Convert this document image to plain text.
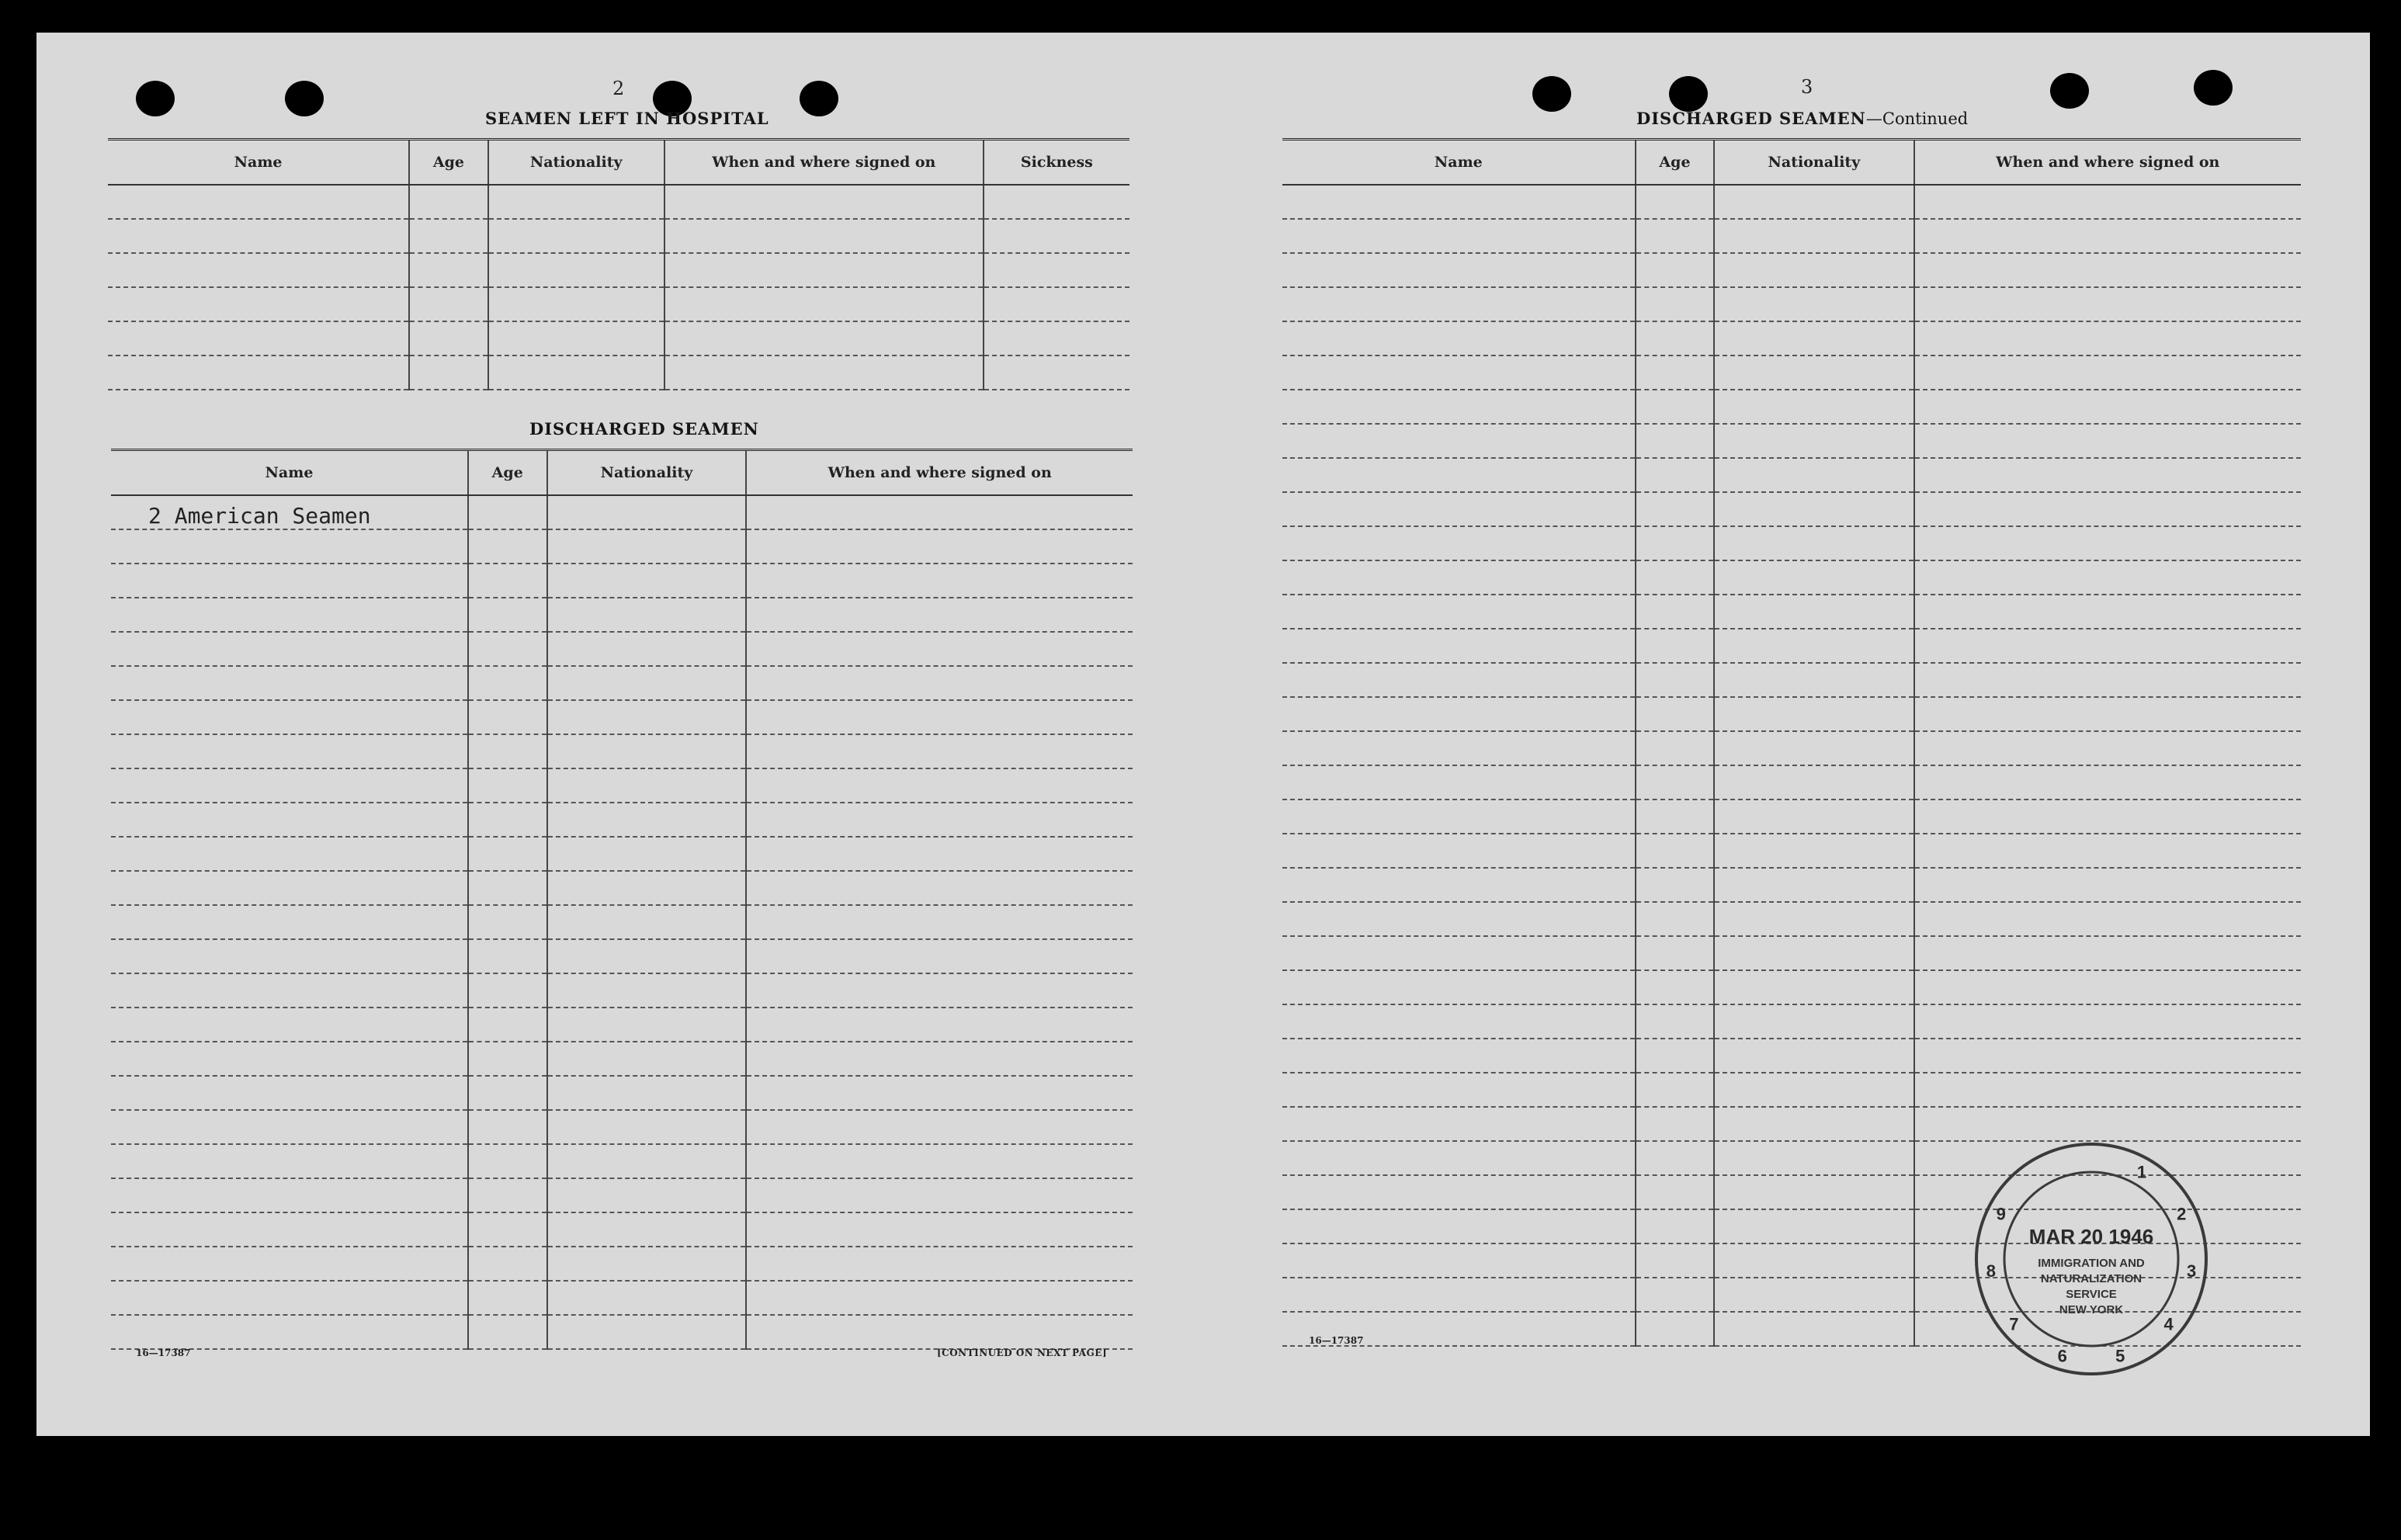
2
SEAMEN LEFT IN HOSPITAL
Name	Age	Nationality	When and where signed on	Sickness

DISCHARGED SEAMEN
Name	Age	Nationality	When and where signed on
2 American Seamen			

16—17387	[CONTINUED ON NEXT PAGE]
3
DISCHARGED SEAMEN—Continued
Name	Age	Nationality	When and where signed on

16—17387
1
2
3
4
5
6
7
8
9
MAR 20 1946
IMMIGRATION AND
NATURALIZATION
SERVICE
NEW YORK
